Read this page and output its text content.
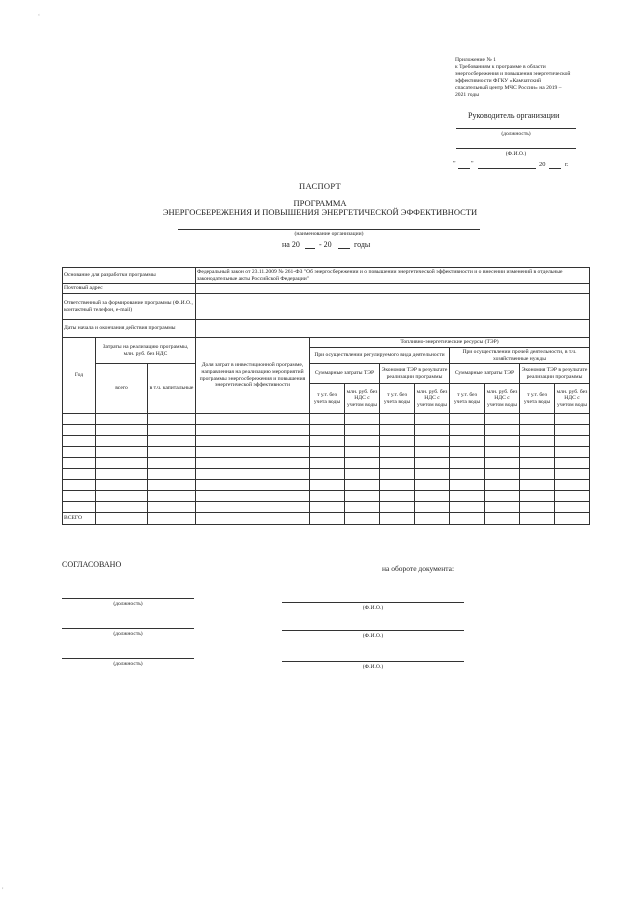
‘
,
Приложение № 1
к Требованиям к программе в области
энергосбережения и повышения энергетической
эффективности ФГКУ «Камчатский
спасательный центр МЧС России» на 2019 –
2021 годы
Руководитель организации
(должность)
(Ф.И.О.)
" "	20	г.
ПАСПОРТ
ПРОГРАММА
ЭНЕРГОСБЕРЕЖЕНИЯ И ПОВЫШЕНИЯ ЭНЕРГЕТИЧЕСКОЙ ЭФФЕКТИВНОСТИ
(наименование организации)
на 20 - 20	годы
Основание для разработки программы			Федеральный закон от 23.11.2009 № 261-ФЗ "Об энергосбережении и о повышении энергетической эффективности и о внесении изменений в отдельные законодательные акты Российской Федерации"								
Почтовый адрес											
Ответственный за формирование программы (Ф.И.О., контактный телефон, e-mail)											
Даты начала и окончания действия программы											
Год	Затраты на реализацию программы, млн. руб. без НДС		Доля затрат в инвестиционной программе, направленная на реализацию мероприятий программы энергосбережения и повышения энергетической эффективности	Топливно-энергетические ресурсы (ТЭР)							
				При осуществлении регулируемого вида деятельности				При осуществлении прочей деятельности, в т.ч. хозяйственные нужды			
	всего	в т.ч. капитальные		Суммарные затраты ТЭР		Экономия ТЭР в результате реализации программы		Суммарные затраты ТЭР		Экономия ТЭР в результате реализации программы	
				т у.т. без учета воды	млн. руб. без НДС с учетом воды	т у.т. без учета воды	млн. руб. без НДС с учетом воды	т у.т. без учета воды	млн. руб. без НДС с учетом воды	т у.т. без учета воды	млн. руб. без НДС с учетом воды

ВСЕГО											
СОГЛАСОВАНО	на обороте документа:
(должность)
(Ф.И.О.)
(должность)	(Ф.И.О.)
(должность)	(Ф.И.О.)
